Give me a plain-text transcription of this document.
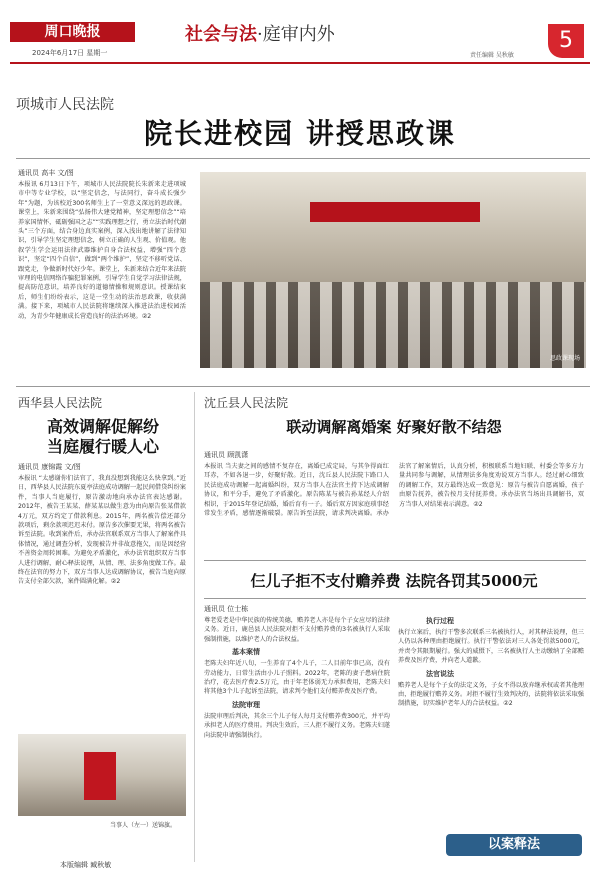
周口晚报
2024年6月17日 星期一
社会与法·庭审内外
责任编辑 吴秋敏
5
项城市人民法院
院长进校园 讲授思政课
通讯员 高丰 文/图
本报讯 6月13日下午，项城市人民法院院长朱新来走进项城市中等专业学校，以“坚定信念，与法同行，奋斗成长强少年”为题，为该校近300名师生上了一堂意义深远的思政课。课堂上，朱新来围绕“弘扬伟大建党精神，坚定理想信念”“培养家国情怀，砥砺强国之志”“实践理想之行，勇立法治时代潮头”三个方面，结合身边真实案例，深入浅出地讲解了法律知识，引导学生坚定理想信念，树立正确的人生观、价值观。他叙学生学会运用法律武器维护自身合法权益，增强“四个意识”，坚定“四个自信”，做到“两个维护”，坚定不移听党话、跟党走，争做新时代好少年。课堂上，朱新来结合近年来法院审理的电信网络诈骗犯罪案例，引导学生自觉学习法律法规，提高防范意识，培养良好的道德情操和规则意识。授课结束后，师生们纷纷表示，这是一堂生动的法治思政课，收获满满。接下来，项城市人民法院将继续深入推进法治进校园活动，为青少年健康成长营造良好的法治环境。②2
思政课现场
西华县人民法院
高效调解促解纷
当庭履行暖人心
通讯员 康锦霞 文/图
本报讯 “太感谢你们法官了，我真没想到我能这么快拿到。”近日，西华县人民法院东夏亭法庭成功调解一起民间借贷纠纷案件，当事人当庭履行，原告激动地向承办法官表达感谢。2012年，被告王某某、薛某某以做生意为由向原告张某借款4万元，双方约定了借款利息。2015年，两名被告偿还部分款项后，剩余款项迟迟未付。原告多次催要无果，将两名被告诉至法院。收到案件后，承办法官联系双方当事人了解案件具体情况，通过调查分析，发现被告并非故意拖欠，而是因经营不善资金周转困难。为避免矛盾激化，承办法官组织双方当事人进行调解，耐心释法说理，从情、理、法多角度做工作。最终在法官的努力下，双方当事人达成调解协议，被告当庭向原告支付全部欠款，案件圆满化解。②2
当事人（左一）送锦旗。
本版编辑 臧秋敏
沈丘县人民法院
联动调解离婚案 好聚好散不结怨
通讯员 顾凯潇
本报讯 当夫妻之间的感情不复存在，离婚已成定局，与其争得面红耳赤，不如各退一步，好聚好散。近日，沈丘县人民法院卞路口人民法庭成功调解一起离婚纠纷，双方当事人在法官主持下达成调解协议，和平分手，避免了矛盾激化。原告陈某与被告孙某经人介绍相识，于2015年登记结婚，婚后育有一子。婚后双方因家庭琐事经常发生矛盾，感情逐渐破裂。原告诉至法院，请求判决离婚。承办法官了解案情后，认真分析，积极联系当地妇联、村委会等多方力量共同参与调解，从情理法多角度劝说双方当事人。经过耐心细致的调解工作，双方最终达成一致意见：原告与被告自愿离婚，孩子由原告抚养，被告按月支付抚养费。承办法官当场出具调解书，双方当事人对结果表示满意。②2
仨儿子拒不支付赡养费 法院各罚其5000元
通讯员 位士栋
尊老爱老是中华民族的传统美德，赡养老人亦是每个子女应尽的法律义务。近日，鹿邑县人民法院对拒不支付赡养费的3名被执行人采取强制措施，以维护老人的合法权益。
基本案情
老陈夫妇年近八旬，一生养育了4个儿子，二人目前年事已高，没有劳动能力，日常生活由小儿子照料。2022年，老陈的妻子患病住院治疗，花去医疗费2.5万元，由于年老体弱无力承担费用，老陈夫妇将其他3个儿子起诉至法院，请求判令他们支付赡养费及医疗费。
法院审理
法院审理后判决，其余三个儿子每人每月支付赡养费300元，并平均承担老人的医疗费用。判决生效后，三人拒不履行义务。老陈夫妇遂向法院申请强制执行。
执行过程
执行立案后，执行干警多次联系三名被执行人，对其释法说理，但三人仍以各种理由拒绝履行。执行干警依法对三人各处罚款5000元，并责令其限期履行。强大的威慑下，三名被执行人主动缴纳了全部赡养费及医疗费，并向老人道歉。
法官说法
赡养老人是每个子女的法定义务，子女不得以放弃继承权或者其他理由，拒绝履行赡养义务。对拒不履行生效判决的，法院将依法采取强制措施，切实维护老年人的合法权益。②2
以案释法
